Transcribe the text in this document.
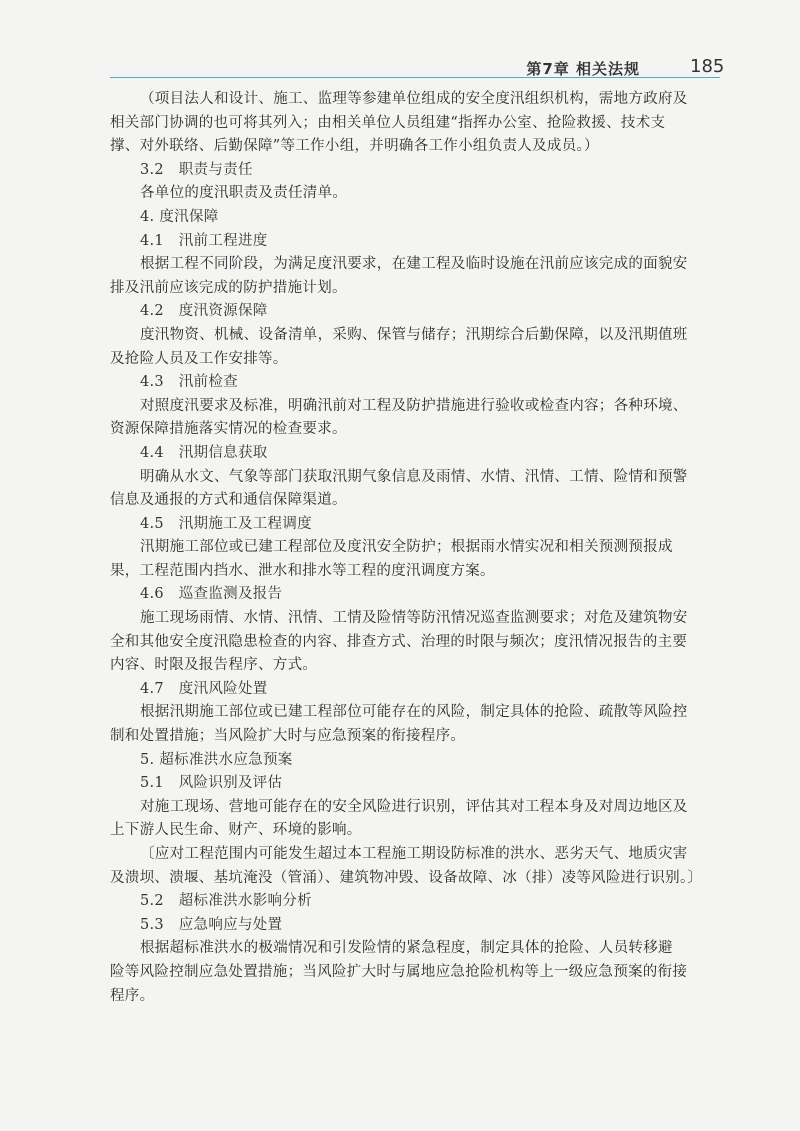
第7章 相关法规	185
（项目法人和设计、施工、监理等参建单位组成的安全度汛组织机构，需地方政府及
相关部门协调的也可将其列入；由相关单位人员组建“指挥办公室、抢险救援、技术支
撑、对外联络、后勤保障”等工作小组，并明确各工作小组负责人及成员。）
3.2　职责与责任
各单位的度汛职责及责任清单。
4. 度汛保障
4.1　汛前工程进度
根据工程不同阶段，为满足度汛要求，在建工程及临时设施在汛前应该完成的面貌安
排及汛前应该完成的防护措施计划。
4.2　度汛资源保障
度汛物资、机械、设备清单，采购、保管与储存；汛期综合后勤保障，以及汛期值班
及抢险人员及工作安排等。
4.3　汛前检查
对照度汛要求及标准，明确汛前对工程及防护措施进行验收或检查内容；各种环境、
资源保障措施落实情况的检查要求。
4.4　汛期信息获取
明确从水文、气象等部门获取汛期气象信息及雨情、水情、汛情、工情、险情和预警
信息及通报的方式和通信保障渠道。
4.5　汛期施工及工程调度
汛期施工部位或已建工程部位及度汛安全防护；根据雨水情实况和相关预测预报成
果，工程范围内挡水、泄水和排水等工程的度汛调度方案。
4.6　巡查监测及报告
施工现场雨情、水情、汛情、工情及险情等防汛情况巡查监测要求；对危及建筑物安
全和其他安全度汛隐患检查的内容、排查方式、治理的时限与频次；度汛情况报告的主要
内容、时限及报告程序、方式。
4.7　度汛风险处置
根据汛期施工部位或已建工程部位可能存在的风险，制定具体的抢险、疏散等风险控
制和处置措施；当风险扩大时与应急预案的衔接程序。
5. 超标准洪水应急预案
5.1　风险识别及评估
对施工现场、营地可能存在的安全风险进行识别，评估其对工程本身及对周边地区及
上下游人民生命、财产、环境的影响。
〔应对工程范围内可能发生超过本工程施工期设防标准的洪水、恶劣天气、地质灾害
及溃坝、溃堰、基坑淹没（管涌）、建筑物冲毁、设备故障、冰（排）凌等风险进行识别。〕
5.2　超标准洪水影响分析
5.3　应急响应与处置
根据超标准洪水的极端情况和引发险情的紧急程度，制定具体的抢险、人员转移避
险等风险控制应急处置措施；当风险扩大时与属地应急抢险机构等上一级应急预案的衔接
程序。
